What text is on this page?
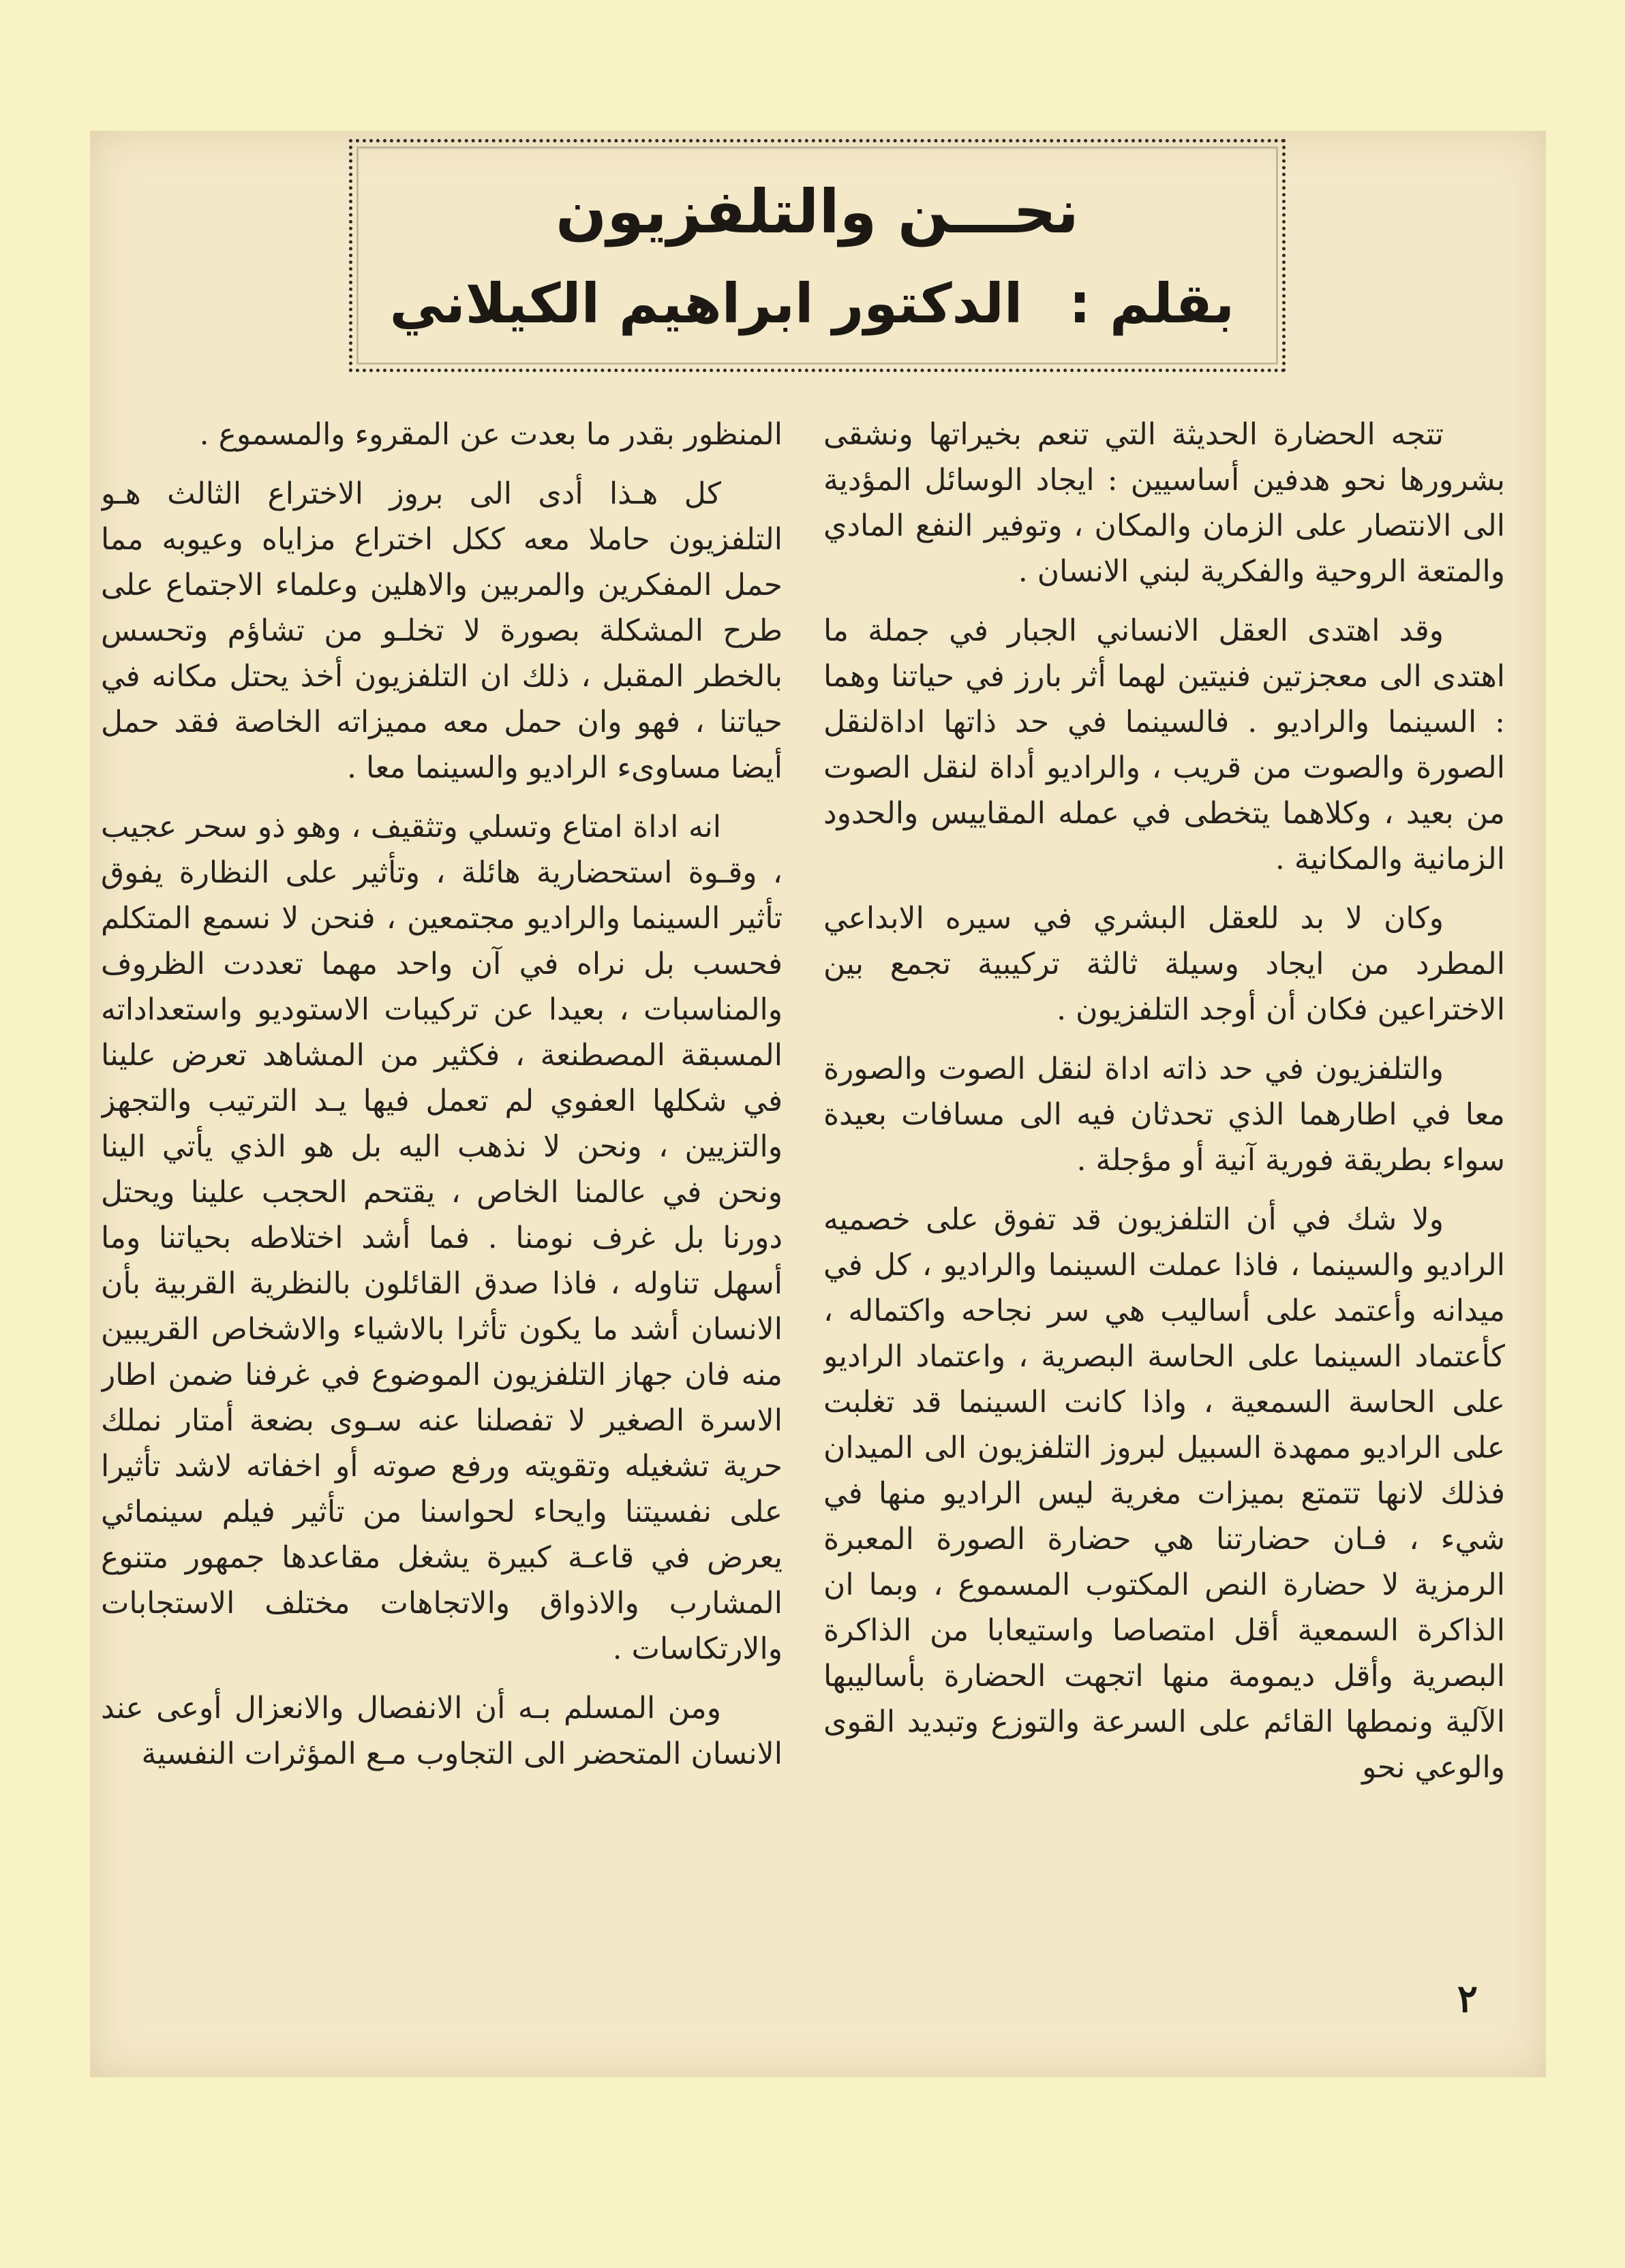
نحـــن والتلفزيون
بقلم : الدكتور ابراهيم الكيلاني

تتجه الحضارة الحديثة التي تنعم بخيراتها ونشقى بشرورها نحو هدفين أساسيين : ايجاد الوسائل المؤدية الى الانتصار على الزمان والمكان ، وتوفير النفع المادي والمتعة الروحية والفكرية لبني الانسان .

وقد اهتدى العقل الانساني الجبار في جملة ما اهتدى الى معجزتين فنيتين لهما أثر بارز في حياتنا وهما : السينما والراديو . فالسينما في حد ذاتها اداةلنقل الصورة والصوت من قريب ، والراديو أداة لنقل الصوت من بعيد ، وكلاهما يتخطى في عمله المقاييس والحدود الزمانية والمكانية .

وكان لا بد للعقل البشري في سيره الابداعي المطرد من ايجاد وسيلة ثالثة تركيبية تجمع بين الاختراعين فكان أن أوجد التلفزيون .

والتلفزيون في حد ذاته اداة لنقل الصوت والصورة معا في اطارهما الذي تحدثان فيه الى مسافات بعيدة سواء بطريقة فورية آنية أو مؤجلة .

ولا شك في أن التلفزيون قد تفوق على خصميه الراديو والسينما ، فاذا عملت السينما والراديو ، كل في ميدانه وأعتمد على أساليب هي سر نجاحه واكتماله ، كأعتماد السينما على الحاسة البصرية ، واعتماد الراديو على الحاسة السمعية ، واذا كانت السينما قد تغلبت على الراديو ممهدة السبيل لبروز التلفزيون الى الميدان فذلك لانها تتمتع بميزات مغرية ليس الراديو منها في شيء ، فـان حضارتنا هي حضارة الصورة المعبرة الرمزية لا حضارة النص المكتوب المسموع ، وبما ان الذاكرة السمعية أقل امتصاصا واستيعابا من الذاكرة البصرية وأقل ديمومة منها اتجهت الحضارة بأساليبها الآلية ونمطها القائم على السرعة والتوزع وتبديد القوى والوعي نحو

المنظور بقدر ما بعدت عن المقروء والمسموع .

كل هـذا أدى الى بروز الاختراع الثالث هـو التلفزيون حاملا معه ككل اختراع مزاياه وعيوبه مما حمل المفكرين والمربين والاهلين وعلماء الاجتماع على طرح المشكلة بصورة لا تخلـو من تشاؤم وتحسس بالخطر المقبل ، ذلك ان التلفزيون أخذ يحتل مكانه في حياتنا ، فهو وان حمل معه مميزاته الخاصة فقد حمل أيضا مساوىء الراديو والسينما معا .

انه اداة امتاع وتسلي وتثقيف ، وهو ذو سحر عجيب ، وقـوة استحضارية هائلة ، وتأثير على النظارة يفوق تأثير السينما والراديو مجتمعين ، فنحن لا نسمع المتكلم فحسب بل نراه في آن واحد مهما تعددت الظروف والمناسبات ، بعيدا عن تركيبات الاستوديو واستعداداته المسبقة المصطنعة ، فكثير من المشاهد تعرض علينا في شكلها العفوي لم تعمل فيها يـد الترتيب والتجهز والتزيين ، ونحن لا نذهب اليه بل هو الذي يأتي الينا ونحن في عالمنا الخاص ، يقتحم الحجب علينا ويحتل دورنا بل غرف نومنا . فما أشد اختلاطه بحياتنا وما أسهل تناوله ، فاذا صدق القائلون بالنظرية القربية بأن الانسان أشد ما يكون تأثرا بالاشياء والاشخاص القريبين منه فان جهاز التلفزيون الموضوع في غرفنا ضمن اطار الاسرة الصغير لا تفصلنا عنه سـوى بضعة أمتار نملك حرية تشغيله وتقويته ورفع صوته أو اخفاته لاشد تأثيرا على نفسيتنا وايحاء لحواسنا من تأثير فيلم سينمائي يعرض في قاعـة كبيرة يشغل مقاعدها جمهور متنوع المشارب والاذواق والاتجاهات مختلف الاستجابات والارتكاسات .

ومن المسلم بـه أن الانفصال والانعزال أوعى عند الانسان المتحضر الى التجاوب مـع المؤثرات النفسية

٢
